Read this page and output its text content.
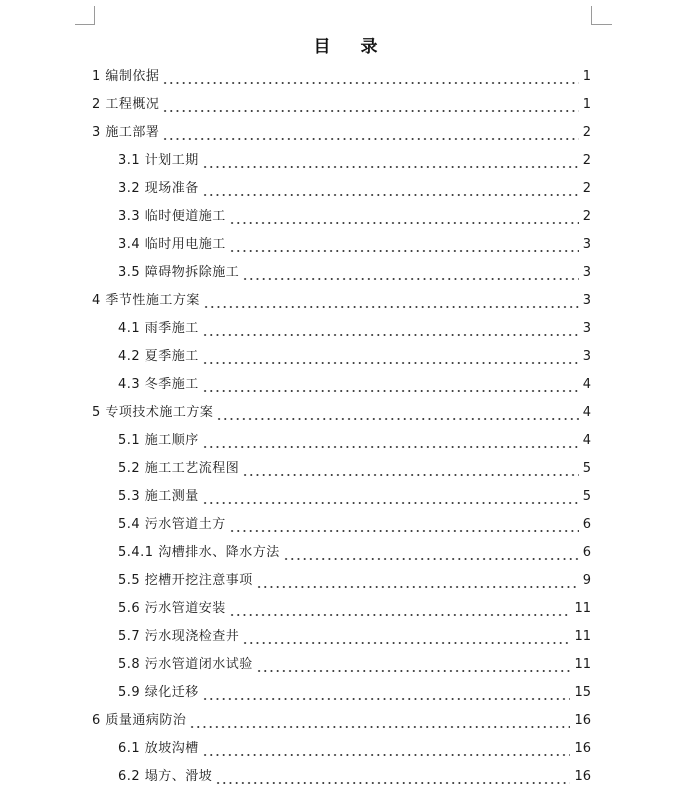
目 录
1 编制依据	1
2 工程概况	1
3 施工部署	2
3.1 计划工期	2
3.2 现场准备	2
3.3 临时便道施工	2
3.4 临时用电施工	3
3.5 障碍物拆除施工	3
4 季节性施工方案	3
4.1 雨季施工	3
4.2 夏季施工	3
4.3 冬季施工	4
5 专项技术施工方案	4
5.1 施工顺序	4
5.2 施工工艺流程图	5
5.3 施工测量	5
5.4 污水管道土方	6
5.4.1 沟槽排水、降水方法	6
5.5 挖槽开挖注意事项	9
5.6 污水管道安装	11
5.7 污水现浇检查井	11
5.8 污水管道闭水试验	11
5.9 绿化迁移	15
6 质量通病防治	16
6.1 放坡沟槽	16
6.2 塌方、滑坡	16
